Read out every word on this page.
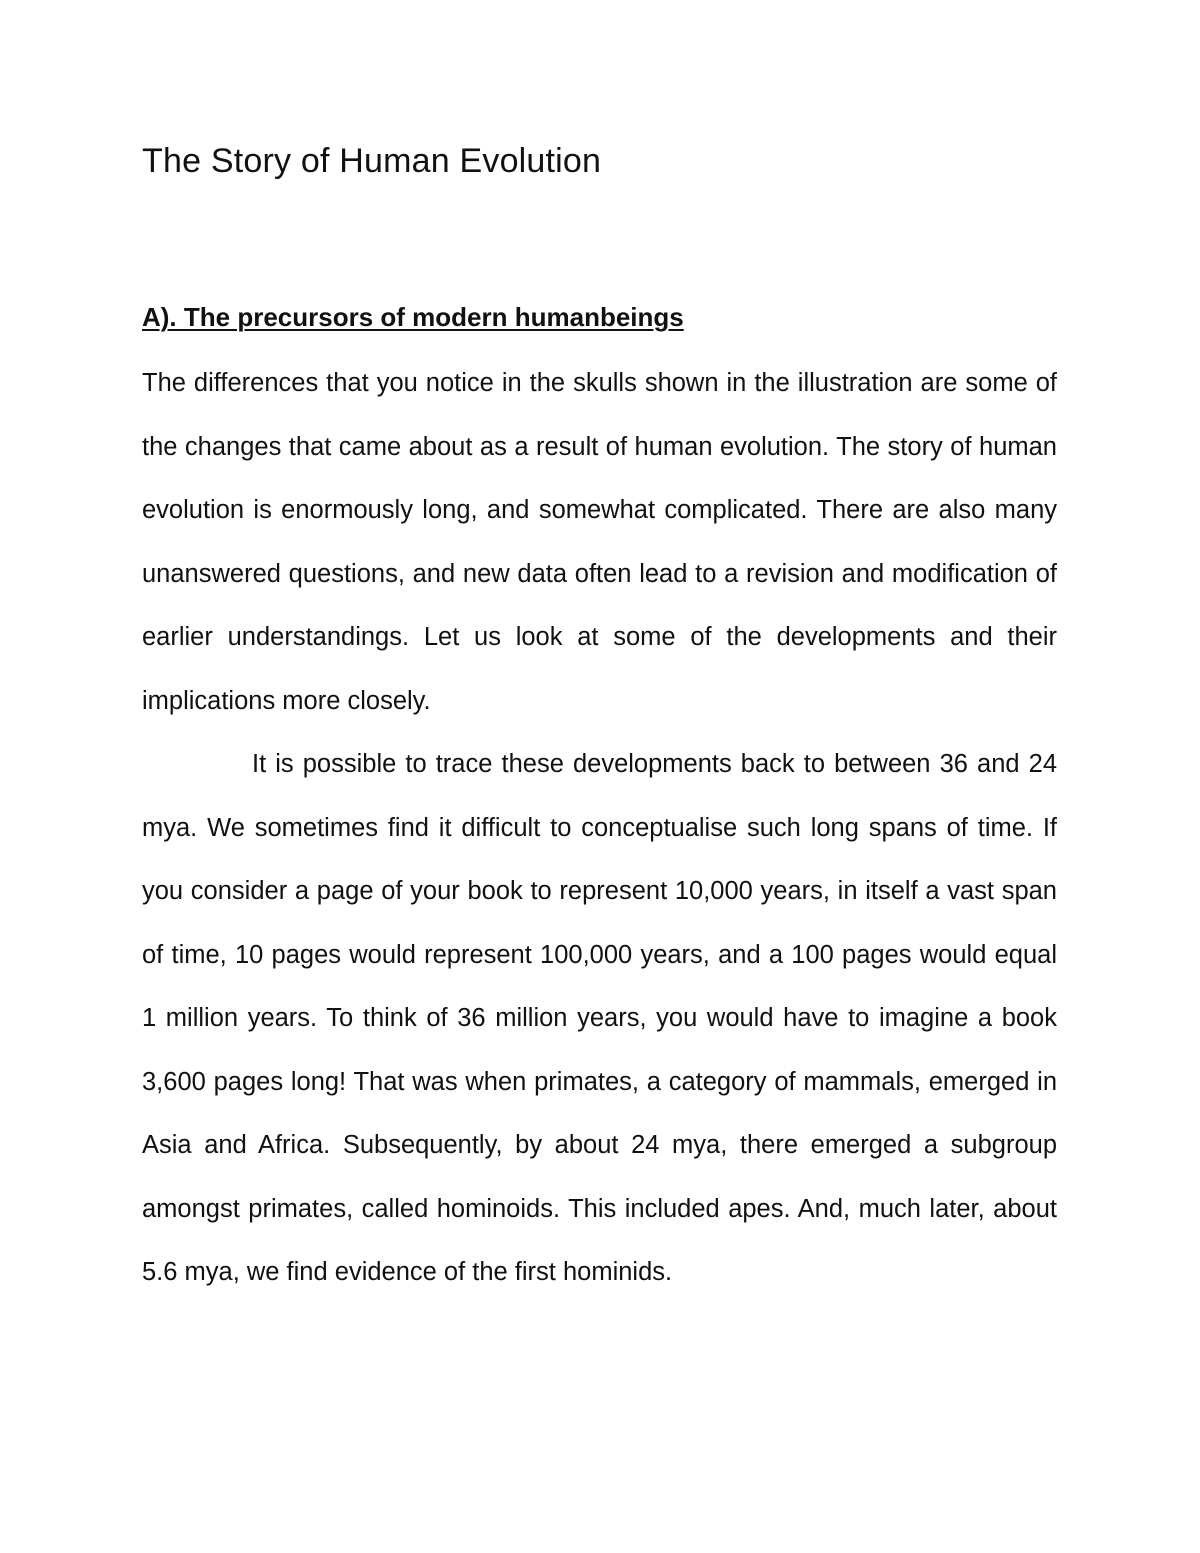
The Story of Human Evolution
A). The precursors of modern humanbeings

The differences that you notice in the skulls shown in the illustration are some of the changes that came about as a result of human evolution. The story of human evolution is enormously long, and somewhat complicated. There are also many unanswered questions, and new data often lead to a revision and modification of earlier understandings. Let us look at some of the developments and their implications more closely.

It is possible to trace these developments back to between 36 and 24 mya. We sometimes find it difficult to conceptualise such long spans of time. If you consider a page of your book to represent 10,000 years, in itself a vast span of time, 10 pages would represent 100,000 years, and a 100 pages would equal 1 million years. To think of 36 million years, you would have to imagine a book 3,600 pages long! That was when primates, a category of mammals, emerged in Asia and Africa. Subsequently, by about 24 mya, there emerged a subgroup amongst primates, called hominoids. This included apes. And, much later, about 5.6 mya, we find evidence of the first hominids.
